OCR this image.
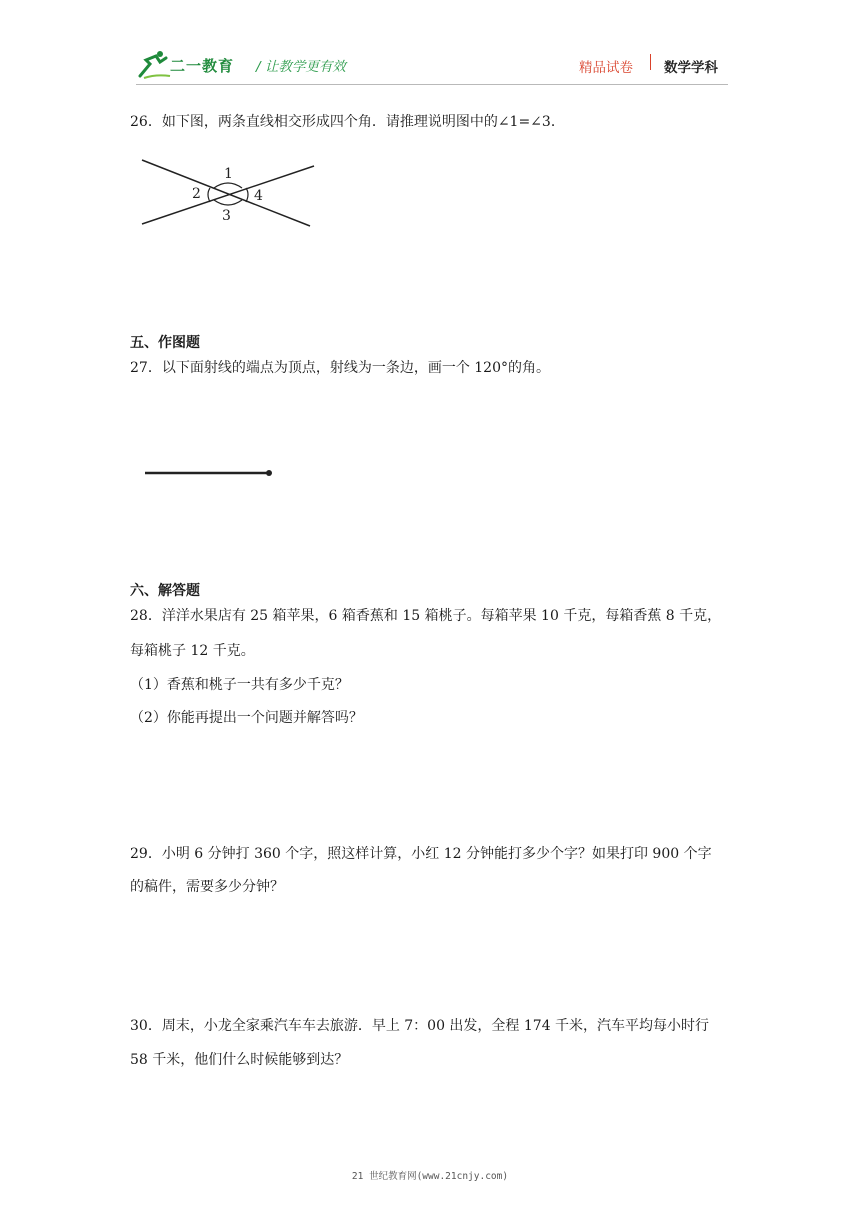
二一教育 / 让教学更有效	精品试卷 数学学科
26．如下图，两条直线相交形成四个角．请推理说明图中的∠1=∠3．
1
2
3
4
五、作图题
27．以下面射线的端点为顶点，射线为一条边，画一个 120°的角。
六、解答题
28．洋洋水果店有 25 箱苹果，6 箱香蕉和 15 箱桃子。每箱苹果 10 千克，每箱香蕉 8 千克，
每箱桃子 12 千克。
（1）香蕉和桃子一共有多少千克？
（2）你能再提出一个问题并解答吗？
29．小明 6 分钟打 360 个字，照这样计算，小红 12 分钟能打多少个字？如果打印 900 个字
的稿件，需要多少分钟？
30．周末，小龙全家乘汽车车去旅游．早上 7：00 出发，全程 174 千米，汽车平均每小时行
58 千米，他们什么时候能够到达？
21 世纪教育网(www.21cnjy.com)
